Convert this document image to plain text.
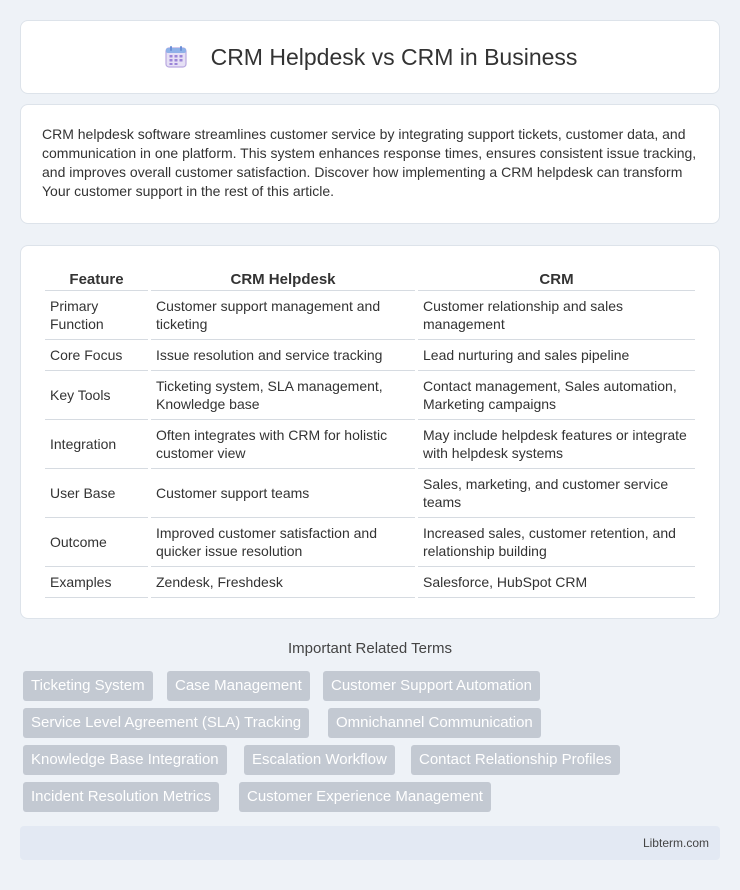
CRM Helpdesk vs CRM in Business

CRM helpdesk software streamlines customer service by integrating support tickets, customer data, and communication in one platform. This system enhances response times, ensures consistent issue tracking, and improves overall customer satisfaction. Discover how implementing a CRM helpdesk can transform Your customer support in the rest of this article.

Feature	CRM Helpdesk	CRM
Primary Function	Customer support management and ticketing	Customer relationship and sales management
Core Focus	Issue resolution and service tracking	Lead nurturing and sales pipeline
Key Tools	Ticketing system, SLA management, Knowledge base	Contact management, Sales automation, Marketing campaigns
Integration	Often integrates with CRM for holistic customer view	May include helpdesk features or integrate with helpdesk systems
User Base	Customer support teams	Sales, marketing, and customer service teams
Outcome	Improved customer satisfaction and quicker issue resolution	Increased sales, customer retention, and relationship building
Examples	Zendesk, Freshdesk	Salesforce, HubSpot CRM
Important Related Terms
Ticketing System	Case Management	Customer Support Automation
Service Level Agreement (SLA) Tracking	Omnichannel Communication
Knowledge Base Integration	Escalation Workflow	Contact Relationship Profiles
Incident Resolution Metrics	Customer Experience Management
Libterm.com
